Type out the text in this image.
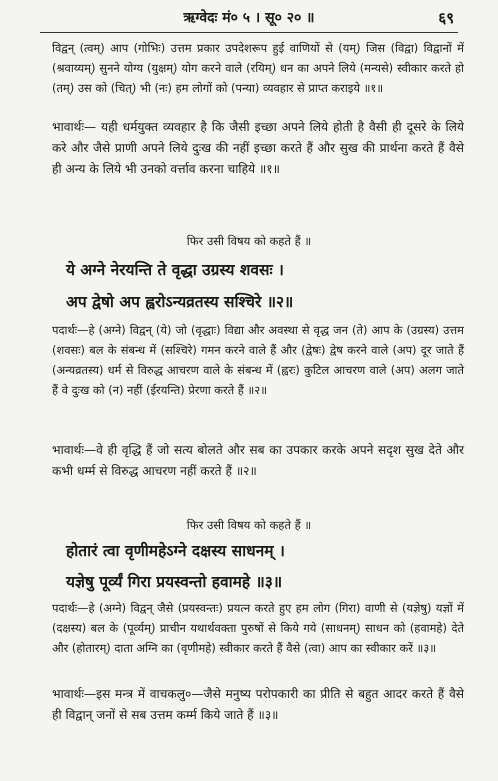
ऋग्वेदः मं० ५ । सू० २० ॥	६९
विद्वन् (त्वम्) आप (गोभिः) उत्तम प्रकार उपदेशरूप हुई वाणियों से (यम्) जिस (विद्वा) विद्वानों में (श्रवाय्यम्) सुनने योग्य (युक्षम्) योग करने वाले (रयिम्) धन का अपने लिये (मन्यसे) स्वीकार करते हो (तम्) उस को (चित्) भी (नः) हम लोगों को (पन्या) व्यवहार से प्राप्त कराइये ॥१॥
भावार्थः— यही धर्मयुक्त व्यवहार है कि जैसी इच्छा अपने लिये होती है वैसी ही दूसरे के लिये करे और जैसे प्राणी अपने लिये दुःख की नहीं इच्छा करते हैं और सुख की प्रार्थना करते हैं वैसे ही अन्य के लिये भी उनको वर्त्ताव करना चाहिये ॥१॥
फिर उसी विषय को कहते हैं ॥
ये अग्ने नेरयन्ति ते वृद्धा उग्रस्य शवसः ।
अप द्वेषो अप ह्वरोऽन्यव्रतस्य सश्चिरे ॥२॥
पदार्थः—हे (अग्ने) विद्वन् (ये) जो (वृद्धाः) विद्या और अवस्था से वृद्ध जन (ते) आप के (उग्रस्य) उत्तम (शवसः) बल के संबन्ध में (सश्चिरे) गमन करने वाले हैं और (द्वेषः) द्वेष करने वाले (अप) दूर जाते हैं (अन्यव्रतस्य) धर्म से विरुद्ध आचरण वाले के संबन्ध में (ह्वरः) कुटिल आचरण वाले (अप) अलग जाते हैं वे दुःख को (न) नहीं (ईरयन्ति) प्रेरणा करते हैं ॥२॥
भावार्थः—वे ही वृद्धि हैं जो सत्य बोलते और सब का उपकार करके अपने सदृश सुख देते और कभी धर्म्म से विरुद्ध आचरण नहीं करते हैं ॥२॥
फिर उसी विषय को कहते हैं ॥
होतारं त्वा वृणीमहेऽग्ने दक्षस्य साधनम् ।
यज्ञेषु पूर्व्यं गिरा प्रयस्वन्तो हवामहे ॥३॥
पदार्थः—हे (अग्ने) विद्वन् जैसे (प्रयस्वन्तः) प्रयत्न करते हुए हम लोग (गिरा) वाणी से (यज्ञेषु) यज्ञों में (दक्षस्य) बल के (पूर्व्यम्) प्राचीन यथार्थवक्ता पुरुषों से किये गये (साधनम्) साधन को (हवामहे) देते और (होतारम्) दाता अग्नि का (वृणीमहे) स्वीकार करते हैं वैसे (त्वा) आप का स्वीकार करें ॥३॥
भावार्थः—इस मन्त्र में वाचकलु०—जैसे मनुष्य परोपकारी का प्रीति से बहुत आदर करते हैं वैसे ही विद्वान् जनों से सब उत्तम कर्म्म किये जाते हैं ॥३॥
